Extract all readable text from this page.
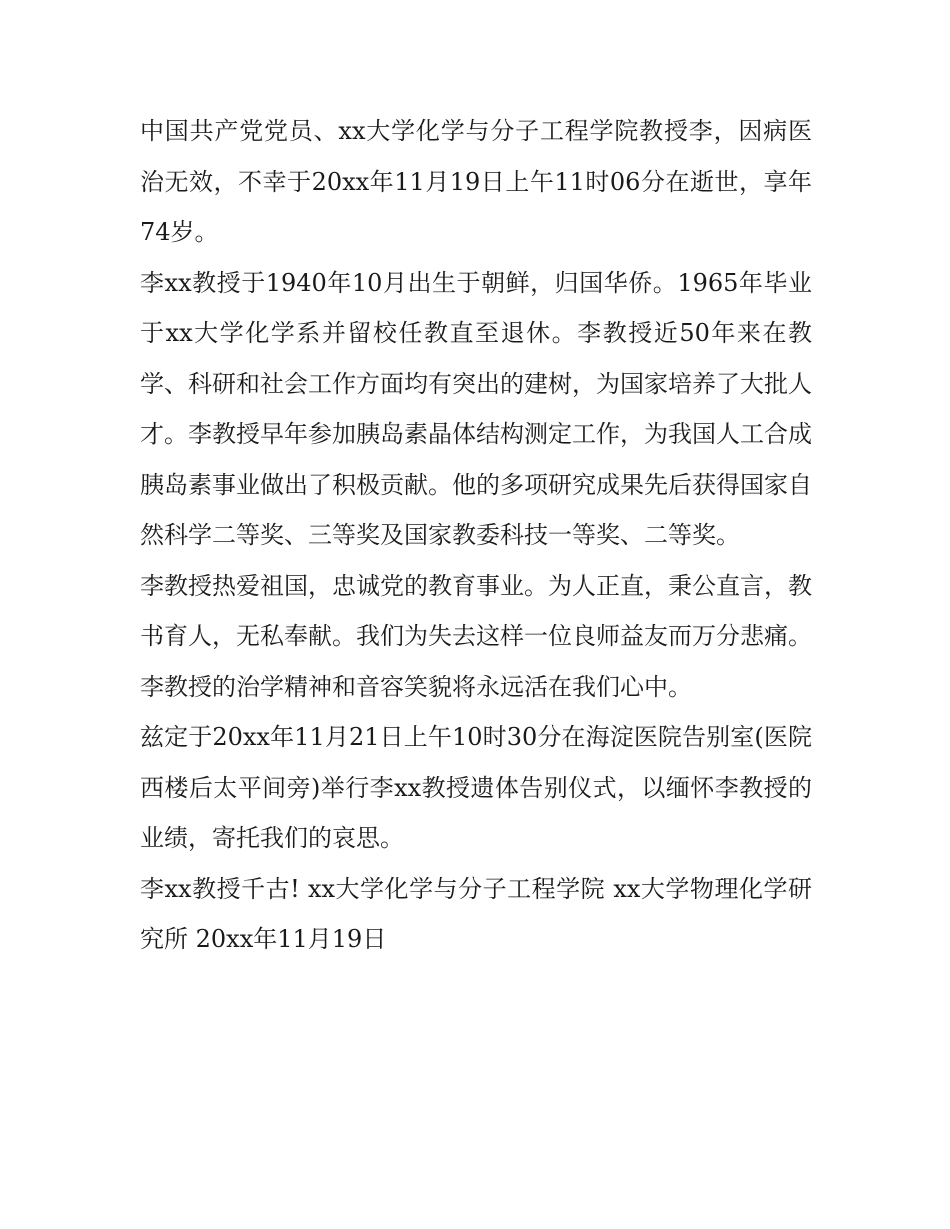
中国共产党党员、xx大学化学与分子工程学院教授李，因病医治无效，不幸于20xx年11月19日上午11时06分在逝世，享年74岁。

李xx教授于1940年10月出生于朝鲜，归国华侨。1965年毕业于xx大学化学系并留校任教直至退休。李教授近50年来在教学、科研和社会工作方面均有突出的建树，为国家培养了大批人才。李教授早年参加胰岛素晶体结构测定工作，为我国人工合成胰岛素事业做出了积极贡献。他的多项研究成果先后获得国家自然科学二等奖、三等奖及国家教委科技一等奖、二等奖。

李教授热爱祖国，忠诚党的教育事业。为人正直，秉公直言，教书育人，无私奉献。我们为失去这样一位良师益友而万分悲痛。李教授的治学精神和音容笑貌将永远活在我们心中。

兹定于20xx年11月21日上午10时30分在海淀医院告别室(医院西楼后太平间旁)举行李xx教授遗体告别仪式，以缅怀李教授的业绩，寄托我们的哀思。

李xx教授千古! xx大学化学与分子工程学院 xx大学物理化学研究所 20xx年11月19日
